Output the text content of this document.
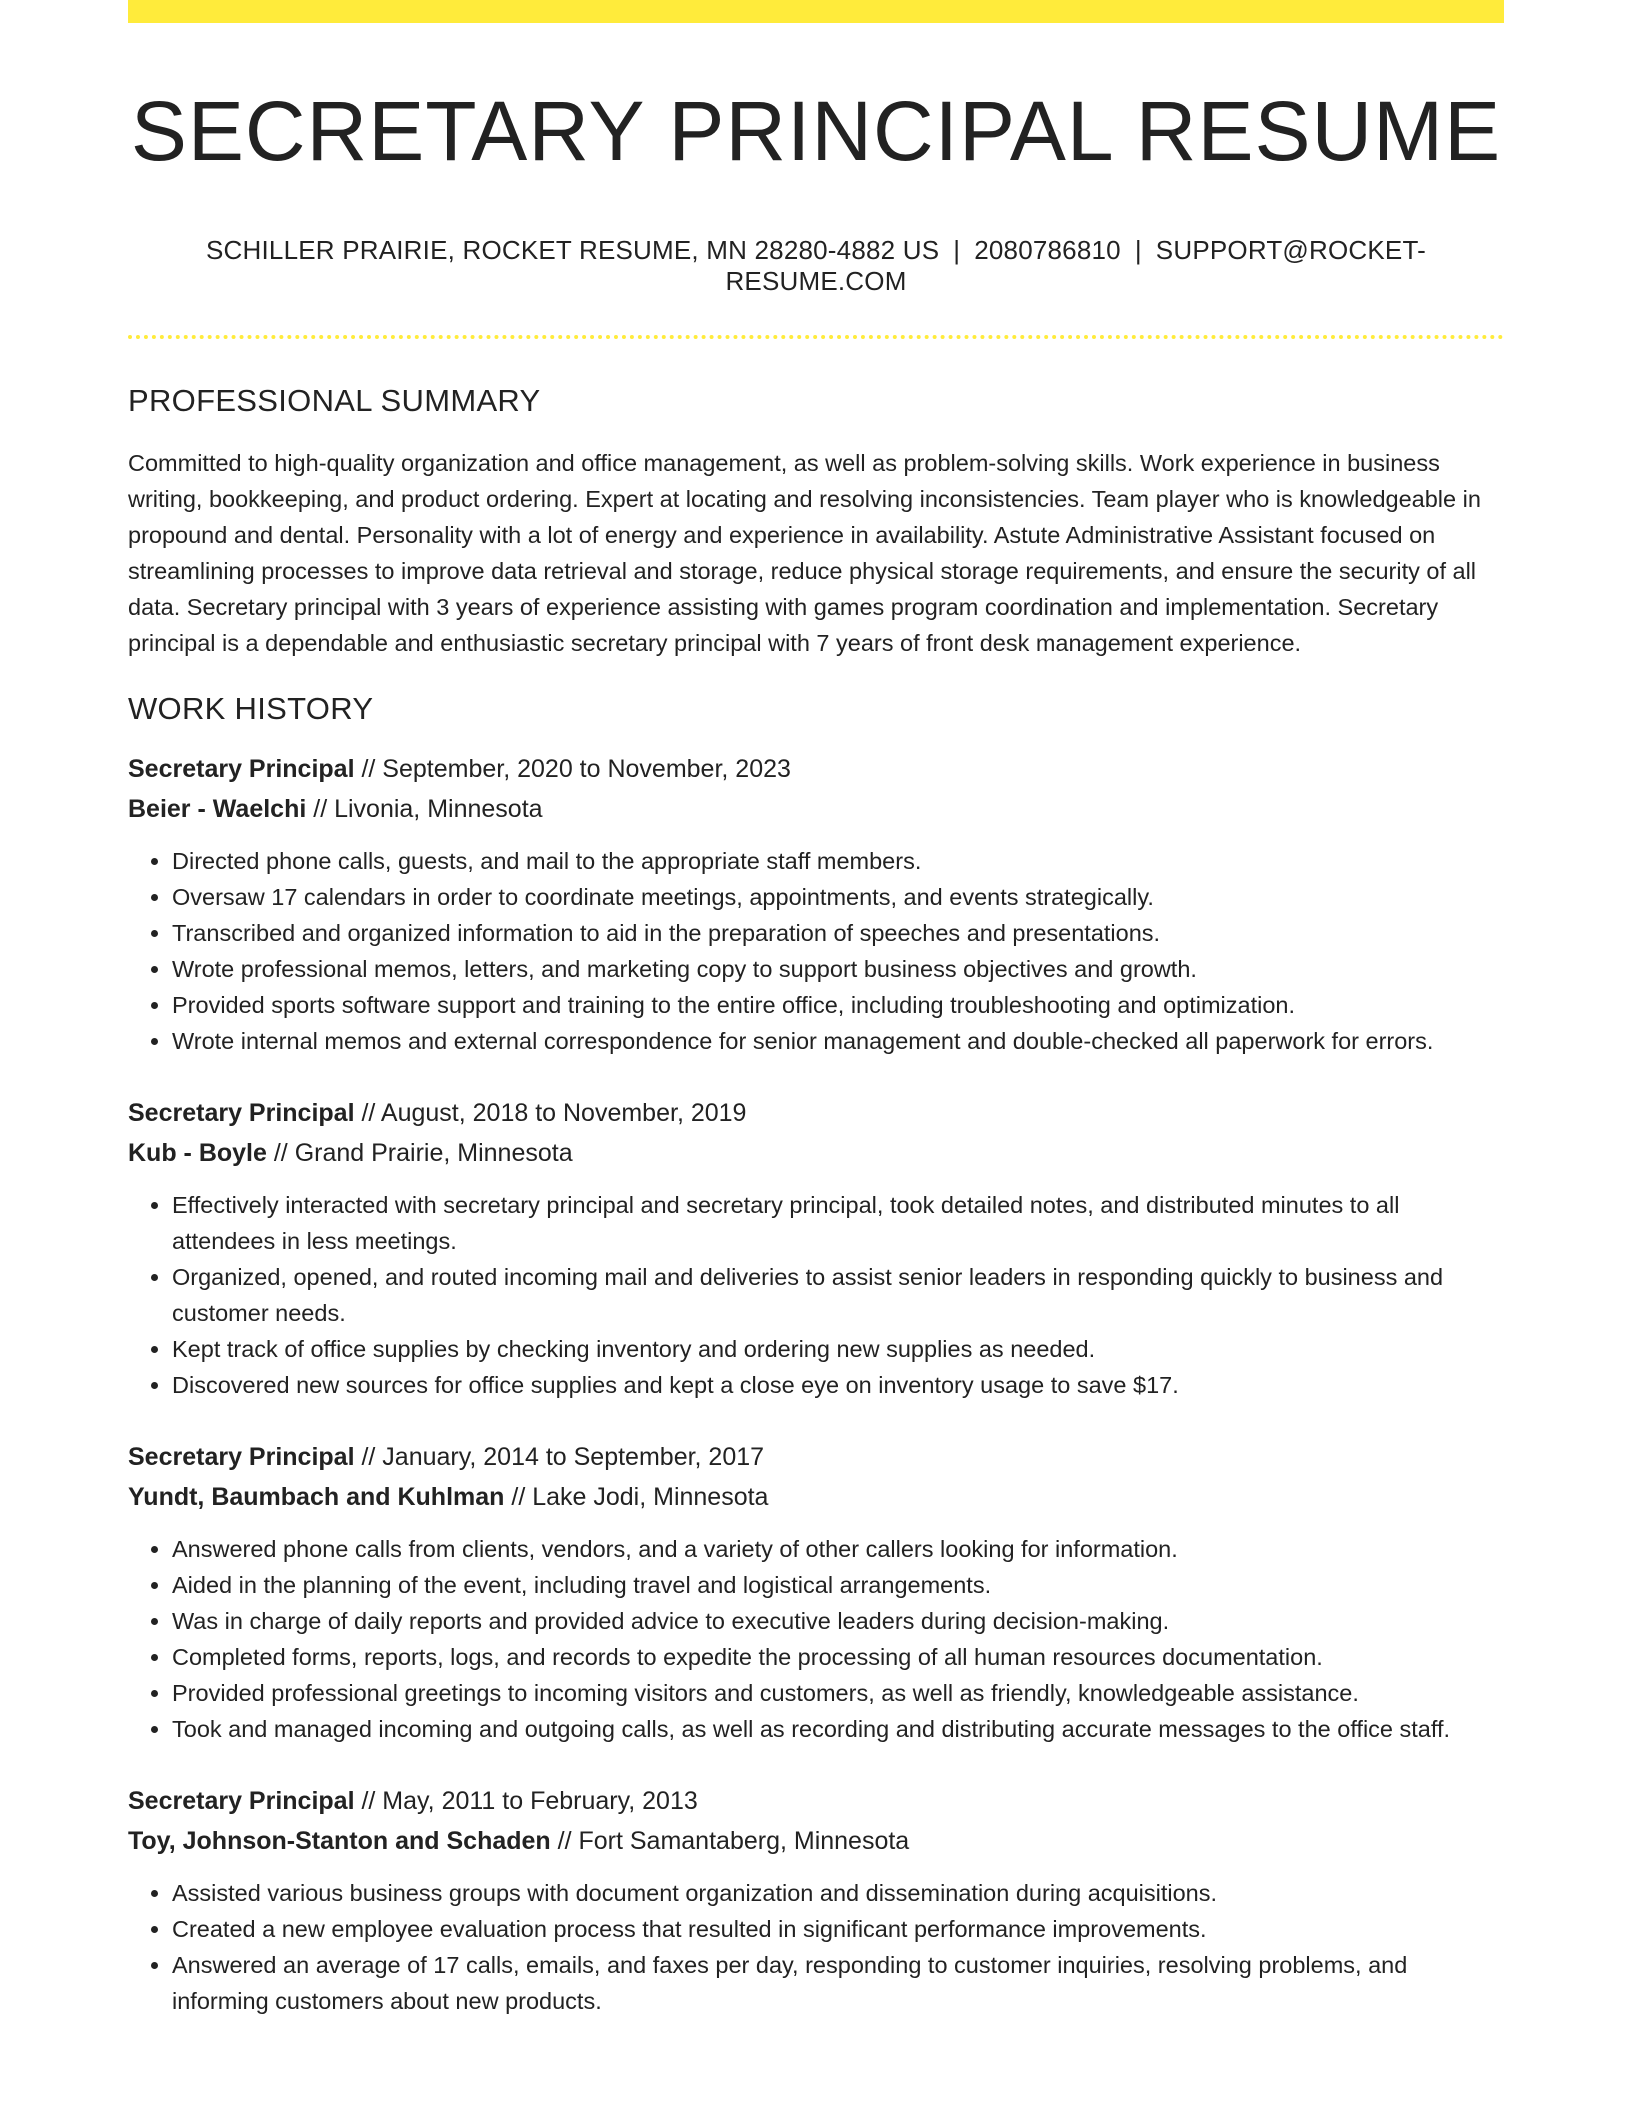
SECRETARY PRINCIPAL RESUME
SCHILLER PRAIRIE, ROCKET RESUME, MN 28280-4882 US | 2080786810 | SUPPORT@ROCKET-RESUME.COM
PROFESSIONAL SUMMARY

Committed to high-quality organization and office management, as well as problem-solving skills. Work experience in business writing, bookkeeping, and product ordering. Expert at locating and resolving inconsistencies. Team player who is knowledgeable in propound and dental. Personality with a lot of energy and experience in availability. Astute Administrative Assistant focused on streamlining processes to improve data retrieval and storage, reduce physical storage requirements, and ensure the security of all data. Secretary principal with 3 years of experience assisting with games program coordination and implementation. Secretary principal is a dependable and enthusiastic secretary principal with 7 years of front desk management experience.

WORK HISTORY
Secretary Principal // September, 2020 to November, 2023
Beier - Waelchi // Livonia, Minnesota
• Directed phone calls, guests, and mail to the appropriate staff members.
• Oversaw 17 calendars in order to coordinate meetings, appointments, and events strategically.
• Transcribed and organized information to aid in the preparation of speeches and presentations.
• Wrote professional memos, letters, and marketing copy to support business objectives and growth.
• Provided sports software support and training to the entire office, including troubleshooting and optimization.
• Wrote internal memos and external correspondence for senior management and double-checked all paperwork for errors.
Secretary Principal // August, 2018 to November, 2019
Kub - Boyle // Grand Prairie, Minnesota
• Effectively interacted with secretary principal and secretary principal, took detailed notes, and distributed minutes to all attendees in less meetings.
• Organized, opened, and routed incoming mail and deliveries to assist senior leaders in responding quickly to business and customer needs.
• Kept track of office supplies by checking inventory and ordering new supplies as needed.
• Discovered new sources for office supplies and kept a close eye on inventory usage to save $17.
Secretary Principal // January, 2014 to September, 2017
Yundt, Baumbach and Kuhlman // Lake Jodi, Minnesota
• Answered phone calls from clients, vendors, and a variety of other callers looking for information.
• Aided in the planning of the event, including travel and logistical arrangements.
• Was in charge of daily reports and provided advice to executive leaders during decision-making.
• Completed forms, reports, logs, and records to expedite the processing of all human resources documentation.
• Provided professional greetings to incoming visitors and customers, as well as friendly, knowledgeable assistance.
• Took and managed incoming and outgoing calls, as well as recording and distributing accurate messages to the office staff.
Secretary Principal // May, 2011 to February, 2013
Toy, Johnson-Stanton and Schaden // Fort Samantaberg, Minnesota
• Assisted various business groups with document organization and dissemination during acquisitions.
• Created a new employee evaluation process that resulted in significant performance improvements.
• Answered an average of 17 calls, emails, and faxes per day, responding to customer inquiries, resolving problems, and informing customers about new products.
